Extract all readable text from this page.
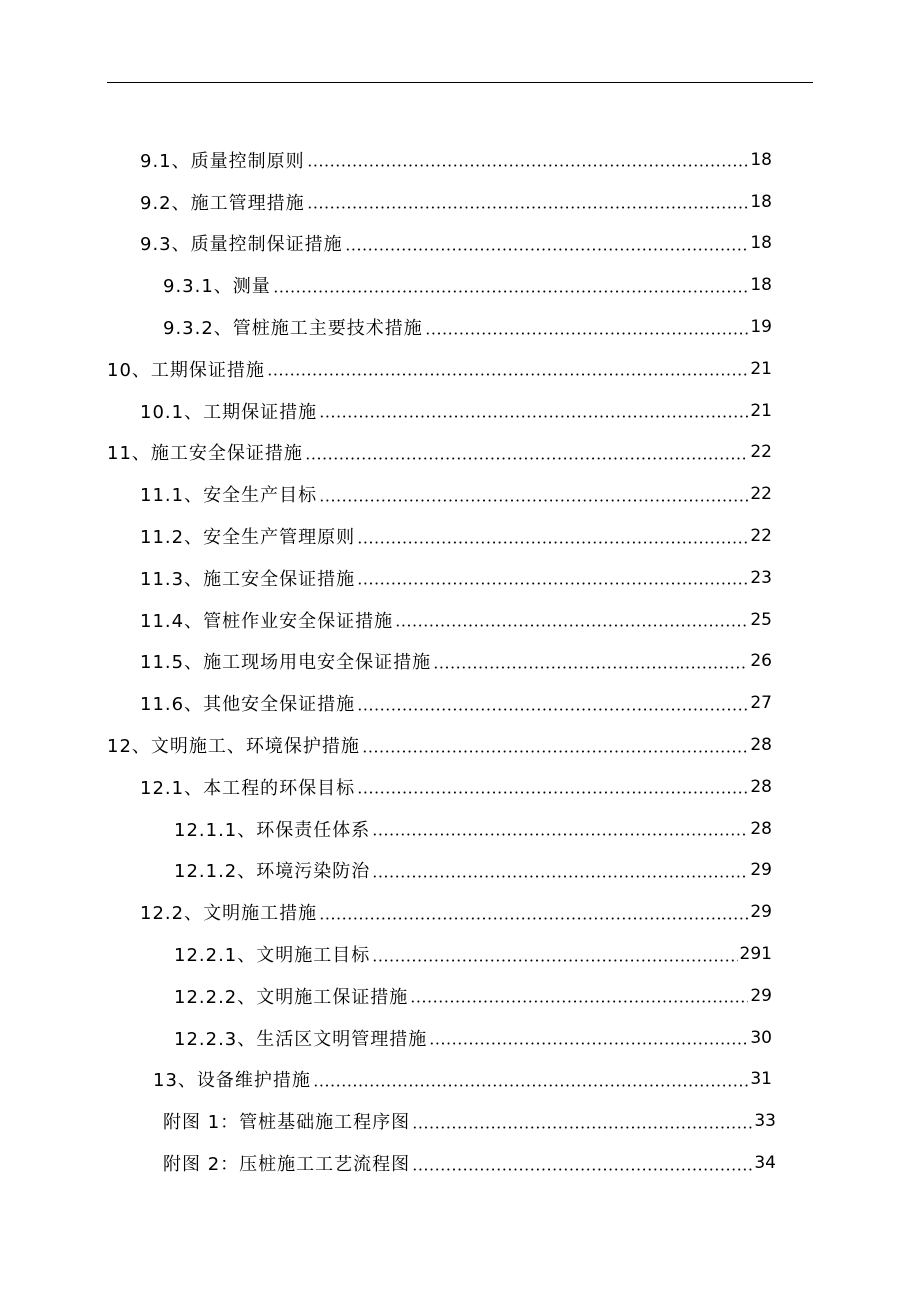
9.1、质量控制原则	18
9.2、施工管理措施	18
9.3、质量控制保证措施	18
9.3.1、测量	18
9.3.2、管桩施工主要技术措施	19
10、工期保证措施	21
10.1、工期保证措施	21
11、施工安全保证措施	22
11.1、安全生产目标	22
11.2、安全生产管理原则	22
11.3、施工安全保证措施	23
11.4、管桩作业安全保证措施	25
11.5、施工现场用电安全保证措施	26
11.6、其他安全保证措施	27
12、文明施工、环境保护措施	28
12.1、本工程的环保目标	28
12.1.1、环保责任体系	28
12.1.2、环境污染防治	29
12.2、文明施工措施	29
12.2.1、文明施工目标	291
12.2.2、文明施工保证措施	29
12.2.3、生活区文明管理措施	30
13、设备维护措施	31
附图 1：管桩基础施工程序图	33
附图 2：压桩施工工艺流程图	34
